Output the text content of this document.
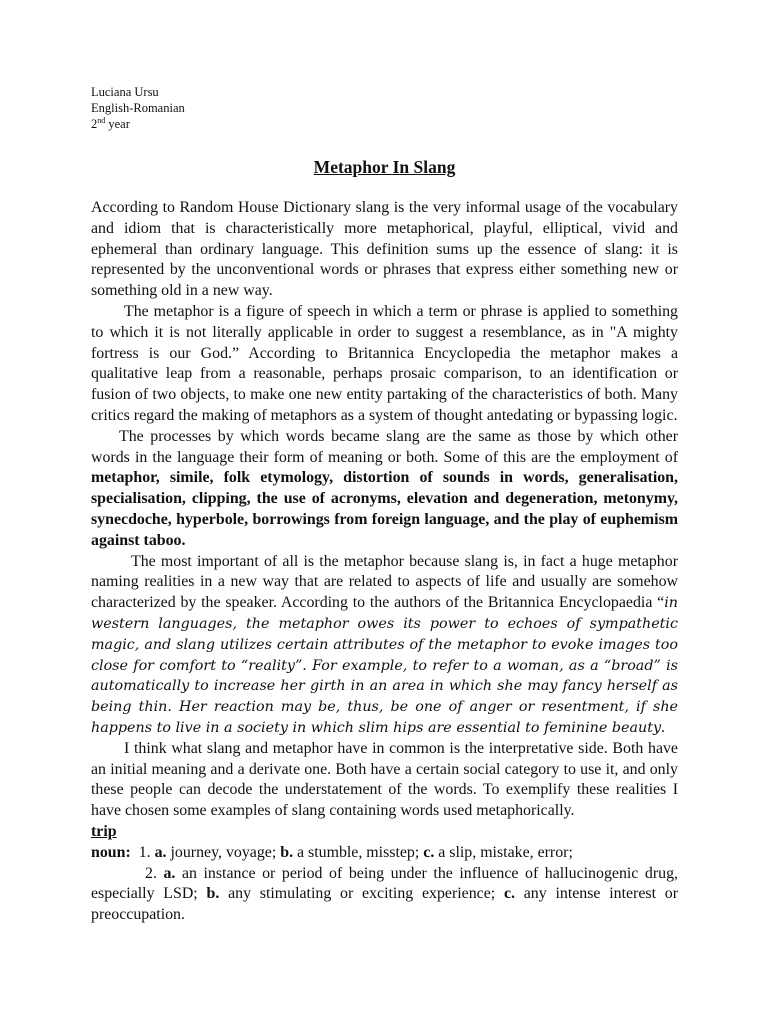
Luciana Ursu

English-Romanian

2nd year

Metaphor In Slang

According to Random House Dictionary slang is the very informal usage of the vocabulary and idiom that is characteristically more metaphorical, playful, elliptical, vivid and ephemeral than ordinary language. This definition sums up the essence of slang: it is represented by the unconventional words or phrases that express either something new or something old in a new way.

The metaphor is a figure of speech in which a term or phrase is applied to something to which it is not literally applicable in order to suggest a resemblance, as in "A mighty fortress is our God.” According to Britannica Encyclopedia the metaphor makes a qualitative leap from a reasonable, perhaps prosaic comparison, to an identification or fusion of two objects, to make one new entity partaking of the characteristics of both. Many critics regard the making of metaphors as a system of thought antedating or bypassing logic.

The processes by which words became slang are the same as those by which other words in the language their form of meaning or both. Some of this are the employment of metaphor, simile, folk etymology, distortion of sounds in words, generalisation, specialisation, clipping, the use of acronyms, elevation and degeneration, metonymy, synecdoche, hyperbole, borrowings from foreign language, and the play of euphemism against taboo.

The most important of all is the metaphor because slang is, in fact a huge metaphor naming realities in a new way that are related to aspects of life and usually are somehow characterized by the speaker. According to the authors of the Britannica Encyclopaedia “in western languages, the metaphor owes its power to echoes of sympathetic magic, and slang utilizes certain attributes of the metaphor to evoke images too close for comfort to “reality”. For example, to refer to a woman, as a “broad” is automatically to increase her girth in an area in which she may fancy herself as being thin. Her reaction may be, thus, be one of anger or resentment, if she happens to live in a society in which slim hips are essential to feminine beauty.

I think what slang and metaphor have in common is the interpretative side. Both have an initial meaning and a derivate one. Both have a certain social category to use it, and only these people can decode the understatement of the words. To exemplify these realities I have chosen some examples of slang containing words used metaphorically.

trip

noun: 1. a. journey, voyage; b. a stumble, misstep; c. a slip, mistake, error;

2. a. an instance or period of being under the influence of hallucinogenic drug, especially LSD; b. any stimulating or exciting experience; c. any intense interest or preoccupation.
